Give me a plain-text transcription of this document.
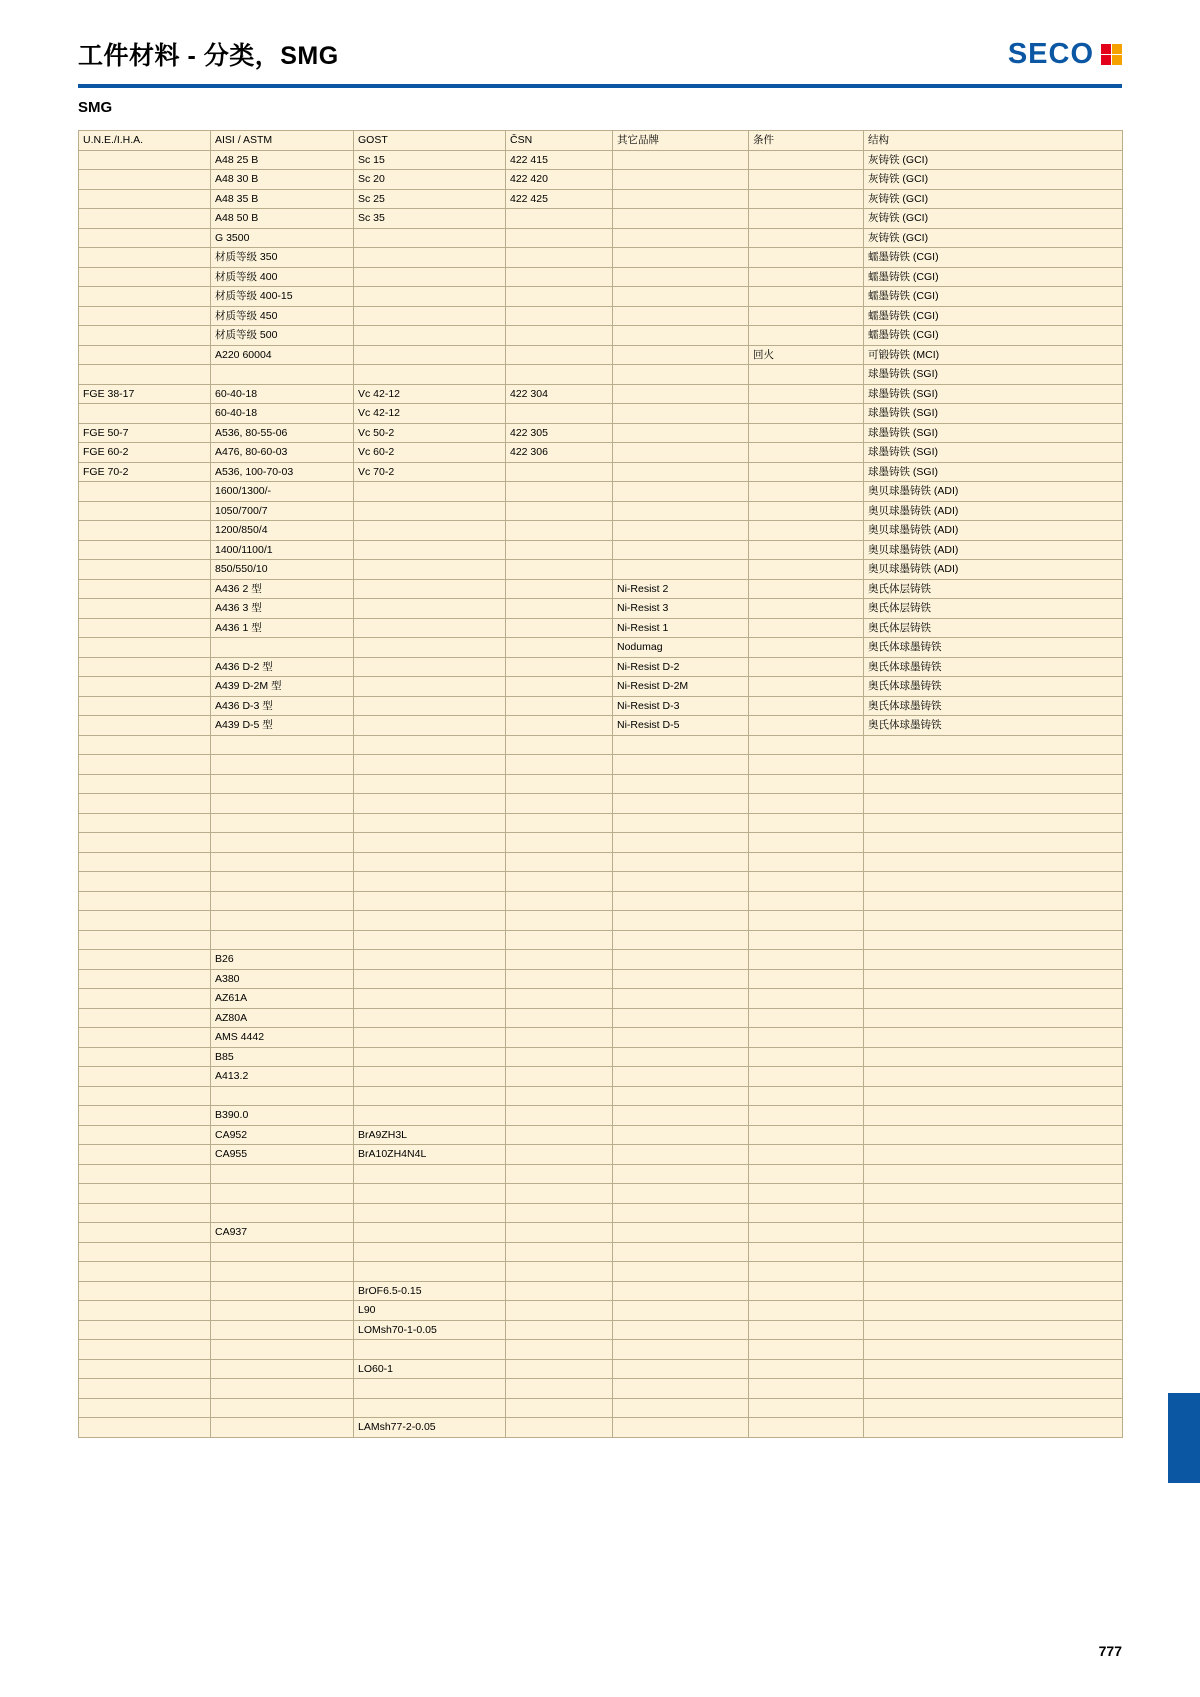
工件材料 - 分类，SMG	SECO
SMG
U.N.E./I.H.A.	AISI / ASTM	GOST	ČSN	其它品牌	条件	结构
	A48 25 B	Sc 15	422 415			灰铸铁 (GCI)
	A48 30 B	Sc 20	422 420			灰铸铁 (GCI)
	A48 35 B	Sc 25	422 425			灰铸铁 (GCI)
	A48 50 B	Sc 35				灰铸铁 (GCI)
	G 3500					灰铸铁 (GCI)
	材质等级 350					蠕墨铸铁 (CGI)
	材质等级 400					蠕墨铸铁 (CGI)
	材质等级 400-15					蠕墨铸铁 (CGI)
	材质等级 450					蠕墨铸铁 (CGI)
	材质等级 500					蠕墨铸铁 (CGI)
	A220 60004				回火	可锻铸铁 (MCI)
						球墨铸铁 (SGI)
FGE 38-17	60-40-18	Vc 42-12	422 304			球墨铸铁 (SGI)
	60-40-18	Vc 42-12				球墨铸铁 (SGI)
FGE 50-7	A536, 80-55-06	Vc 50-2	422 305			球墨铸铁 (SGI)
FGE 60-2	A476, 80-60-03	Vc 60-2	422 306			球墨铸铁 (SGI)
FGE 70-2	A536, 100-70-03	Vc 70-2				球墨铸铁 (SGI)
	1600/1300/-					奥贝球墨铸铁 (ADI)
	1050/700/7					奥贝球墨铸铁 (ADI)
	1200/850/4					奥贝球墨铸铁 (ADI)
	1400/1100/1					奥贝球墨铸铁 (ADI)
	850/550/10					奥贝球墨铸铁 (ADI)
	A436 2 型			Ni-Resist 2		奥氏体层铸铁
	A436 3 型			Ni-Resist 3		奥氏体层铸铁
	A436 1 型			Ni-Resist 1		奥氏体层铸铁
				Nodumag		奥氏体球墨铸铁
	A436 D-2 型			Ni-Resist D-2		奥氏体球墨铸铁
	A439 D-2M 型			Ni-Resist D-2M		奥氏体球墨铸铁
	A436 D-3 型			Ni-Resist D-3		奥氏体球墨铸铁
	A439 D-5 型			Ni-Resist D-5		奥氏体球墨铸铁

	B26					
	A380					
	AZ61A					
	AZ80A					
	AMS 4442					
	B85					
	A413.2					

	B390.0					
	CA952	BrA9ZH3L				
	CA955	BrA10ZH4N4L				

	CA937					

		BrOF6.5-0.15				
		L90				
		LOMsh70-1-0.05				

		LO60-1				

		LAMsh77-2-0.05				
777
